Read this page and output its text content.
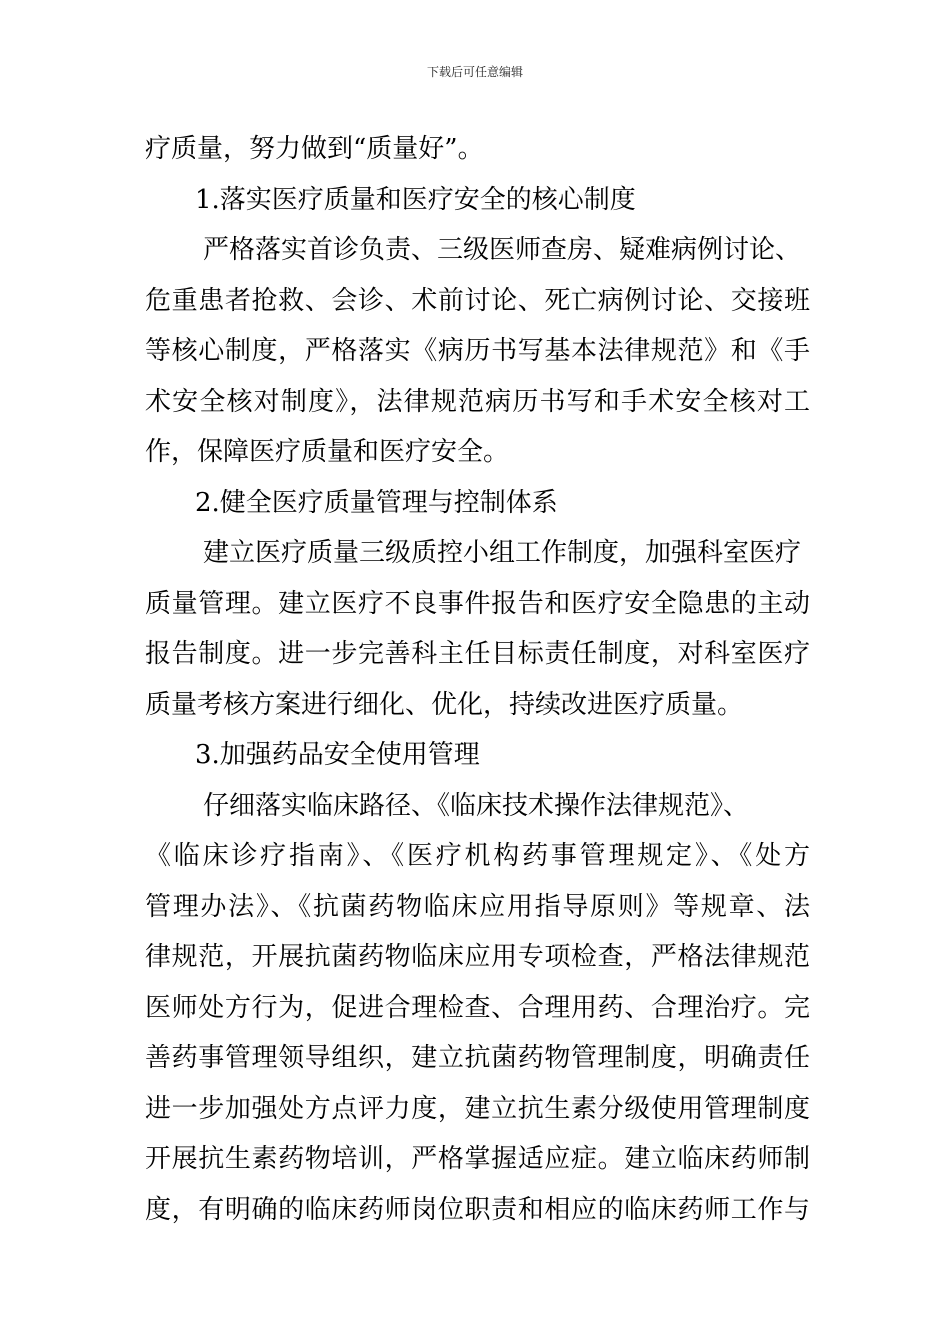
下载后可任意编辑
疗质量，努力做到“质量好”。
1.落实医疗质量和医疗安全的核心制度
严格落实首诊负责、三级医师查房、疑难病例讨论、
危重患者抢救、会诊、术前讨论、死亡病例讨论、交接班
等核心制度，严格落实《病历书写基本法律规范》和《手
术安全核对制度》，法律规范病历书写和手术安全核对工
作，保障医疗质量和医疗安全。
2.健全医疗质量管理与控制体系
建立医疗质量三级质控小组工作制度，加强科室医疗
质量管理。建立医疗不良事件报告和医疗安全隐患的主动
报告制度。进一步完善科主任目标责任制度，对科室医疗
质量考核方案进行细化、优化，持续改进医疗质量。
3.加强药品安全使用管理
仔细落实临床路径、《临床技术操作法律规范》、
《临床诊疗指南》、《医疗机构药事管理规定》、《处方
管理办法》、《抗菌药物临床应用指导原则》等规章、法
律规范，开展抗菌药物临床应用专项检查，严格法律规范
医师处方行为，促进合理检查、合理用药、合理治疗。完
善药事管理领导组织，建立抗菌药物管理制度，明确责任
进一步加强处方点评力度，建立抗生素分级使用管理制度
开展抗生素药物培训，严格掌握适应症。建立临床药师制
度，有明确的临床药师岗位职责和相应的临床药师工作与
